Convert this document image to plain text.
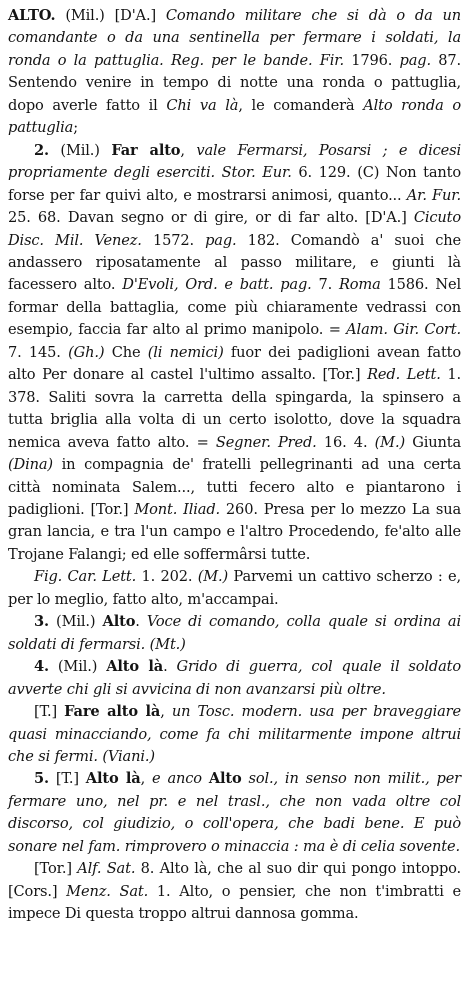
ALTO. (Mil.) [D'A.] Comando militare che si dà o da un comandante o da una sentinella per fermare i soldati, la ronda o la pattuglia. Reg. per le bande. Fir. 1796. pag. 87. Sentendo venire in tempo di notte una ronda o pattuglia, dopo averle fatto il Chi va là, le comanderà Alto ronda o pattuglia;

2. (Mil.) Far alto, vale Fermarsi, Posarsi ; e dicesi propriamente degli eserciti. Stor. Eur. 6. 129. (C) Non tanto forse per far quivi alto, e mostrarsi animosi, quanto... Ar. Fur. 25. 68. Davan segno or di gire, or di far alto. [D'A.] Cicuto Disc. Mil. Venez. 1572. pag. 182. Comandò a' suoi che andassero riposatamente al passo militare, e giunti là facessero alto. D'Evoli, Ord. e batt. pag. 7. Roma 1586. Nel formar della battaglia, come più chiaramente vedrassi con esempio, faccia far alto al primo manipolo. = Alam. Gir. Cort. 7. 145. (Gh.) Che (li nemici) fuor dei padiglioni avean fatto alto Per donare al castel l'ultimo assalto. [Tor.] Red. Lett. 1. 378. Saliti sovra la carretta della spingarda, la spinsero a tutta briglia alla volta di un certo isolotto, dove la squadra nemica aveva fatto alto. = Segner. Pred. 16. 4. (M.) Giunta (Dina) in compagnia de' fratelli pellegrinanti ad una certa città nominata Salem..., tutti fecero alto e piantarono i padiglioni. [Tor.] Mont. Iliad. 260. Presa per lo mezzo La sua gran lancia, e tra l'un campo e l'altro Procedendo, fe'alto alle Trojane Falangi; ed elle soffermârsi tutte.

Fig. Car. Lett. 1. 202. (M.) Parvemi un cattivo scherzo : e, per lo meglio, fatto alto, m'accampai.

3. (Mil.) Alto. Voce di comando, colla quale si ordina ai soldati di fermarsi. (Mt.)

4. (Mil.) Alto là. Grido di guerra, col quale il soldato avverte chi gli si avvicina di non avanzarsi più oltre.

[T.] Fare alto là, un Tosc. modern. usa per braveggiare quasi minacciando, come fa chi militarmente impone altrui che si fermi. (Viani.)

5. [T.] Alto là, e anco Alto sol., in senso non milit., per fermare uno, nel pr. e nel trasl., che non vada oltre col discorso, col giudizio, o coll'opera, che badi bene. E può sonare nel fam. rimprovero o minaccia : ma è di celia sovente.

[Tor.] Alf. Sat. 8. Alto là, che al suo dir qui pongo intoppo. [Cors.] Menz. Sat. 1. Alto, o pensier, che non t'imbratti e impece Di questa troppo altrui dannosa gomma.
